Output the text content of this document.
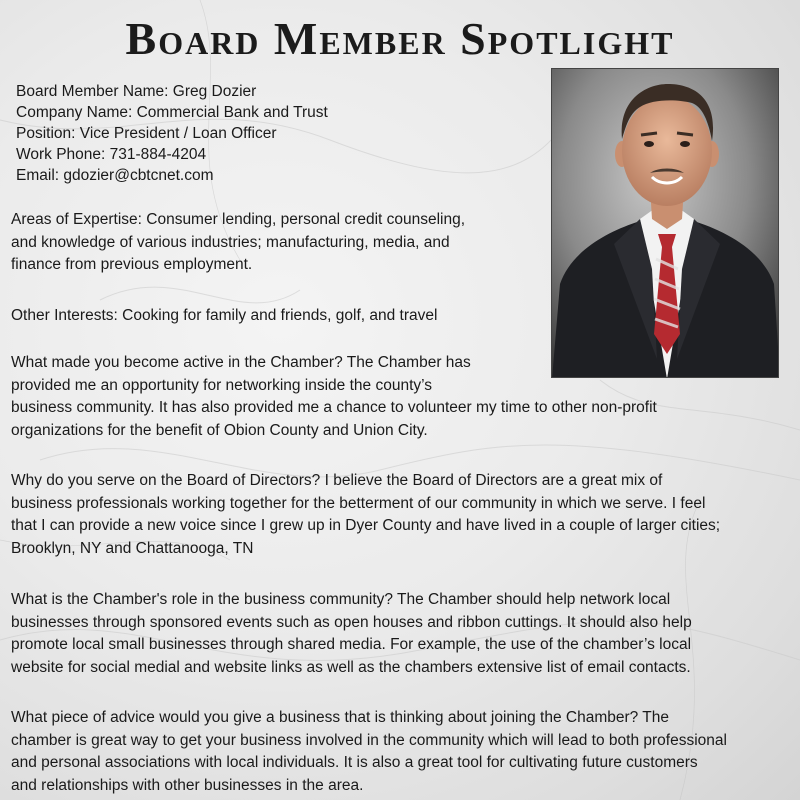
Board Member Spotlight
Board Member Name: Greg Dozier
Company Name: Commercial Bank and Trust
Position: Vice President / Loan Officer
Work Phone: 731-884-4204
Email: gdozier@cbtcnet.com
Areas of Expertise: Consumer lending, personal credit counseling,
and knowledge of various industries; manufacturing, media, and
finance from previous employment.
Other Interests: Cooking for family and friends, golf, and travel
What made you become active in the Chamber? The Chamber has
provided me an opportunity for networking inside the county’s
business community. It has also provided me a chance to volunteer my time to other non-profit
organizations for the benefit of Obion County and Union City.
Why do you serve on the Board of Directors? I believe the Board of Directors are a great mix of
business professionals working together for the betterment of our community in which we serve. I feel
that I can provide a new voice since I grew up in Dyer County and have lived in a couple of larger cities;
Brooklyn, NY and Chattanooga, TN
What is the Chamber's role in the business community? The Chamber should help network local
businesses through sponsored events such as open houses and ribbon cuttings. It should also help
promote local small businesses through shared media. For example, the use of the chamber’s local
website for social medial and website links as well as the chambers extensive list of email contacts.
What piece of advice would you give a business that is thinking about joining the Chamber? The
chamber is great way to get your business involved in the community which will lead to both professional
and personal associations with local individuals. It is also a great tool for cultivating future customers
and relationships with other businesses in the area.
